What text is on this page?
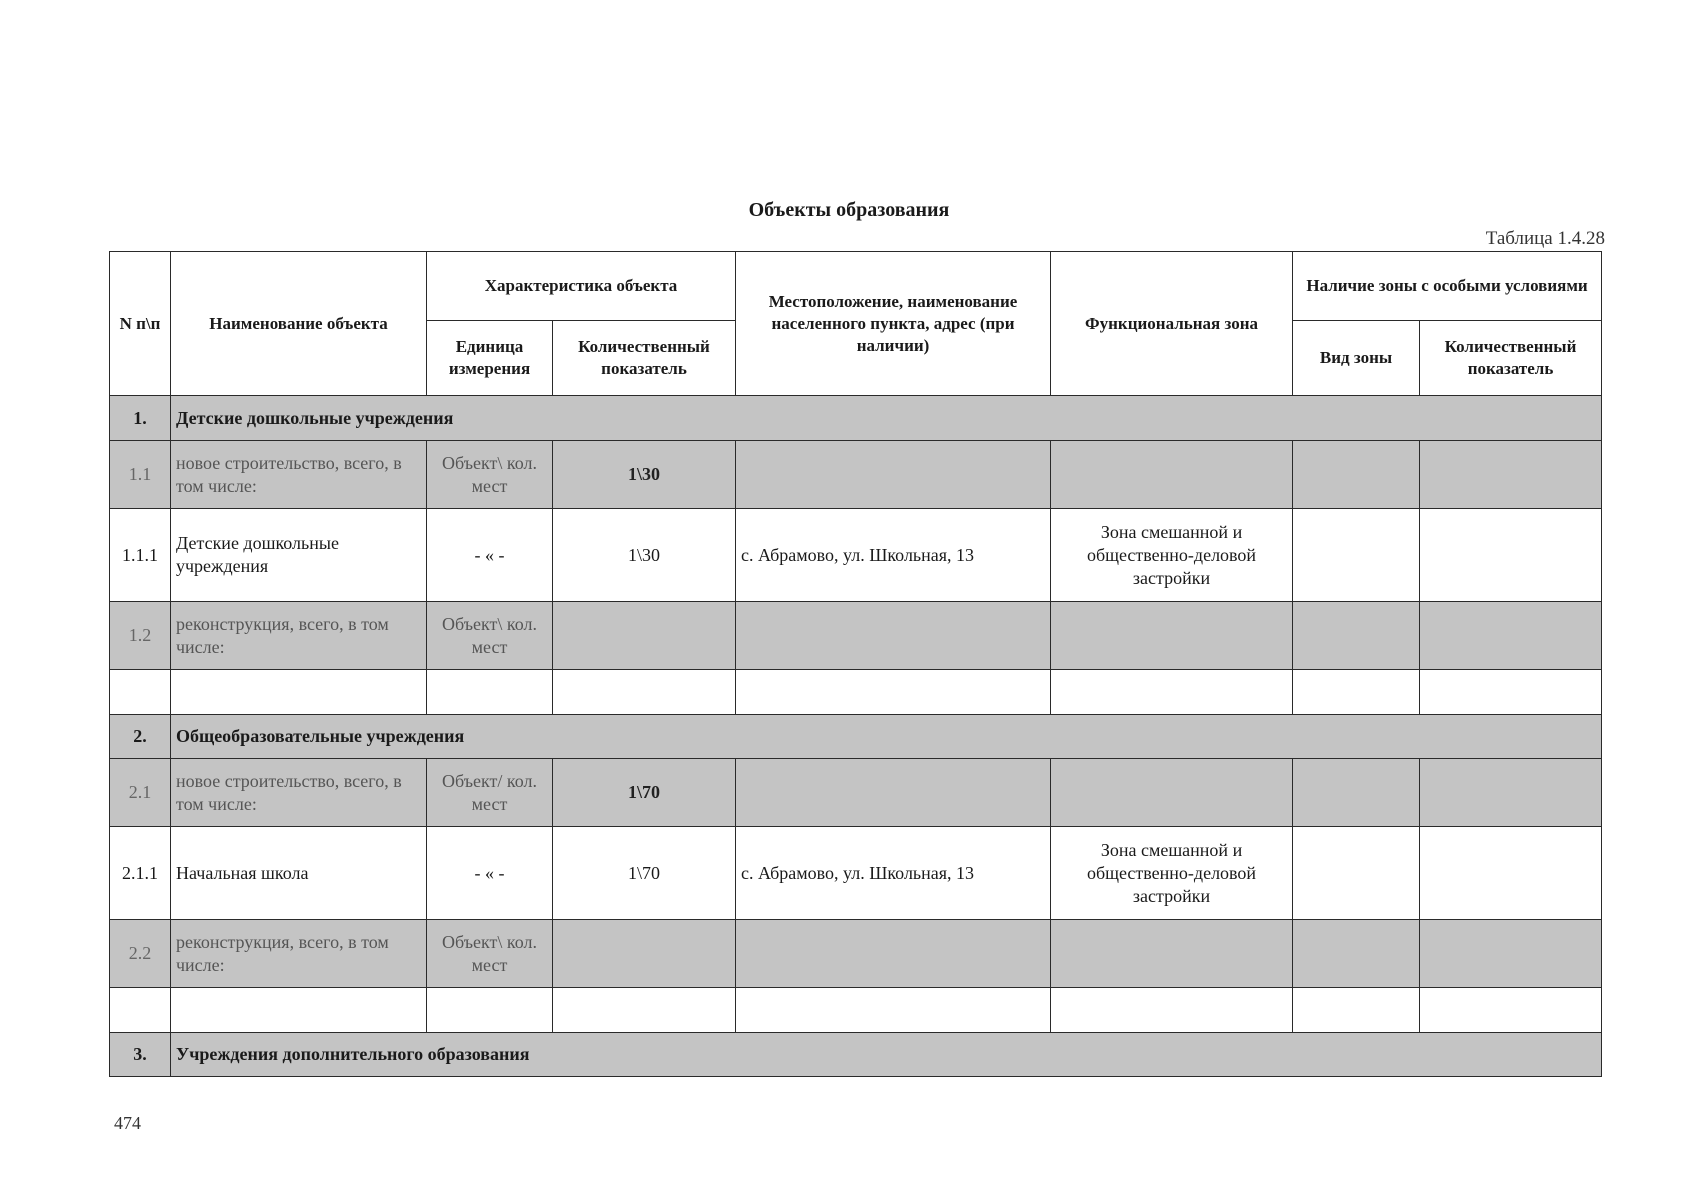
Объекты образования
Таблица 1.4.28
N п\п	Наименование объекта	Характеристика объекта		Местоположение, наименование населенного пункта, адрес (при наличии)	Функциональная зона	Наличие зоны с особыми условиями	
		Единица измерения	Количественный показатель			Вид зоны	Количественный показатель
1.	Детские дошкольные учреждения						
1.1	новое строительство, всего, в том числе:	Объект\ кол. мест	1\30				
1.1.1	Детские дошкольные учреждения	- « -	1\30	с. Абрамово, ул. Школьная, 13	Зона смешанной и общественно-деловой застройки		
1.2	реконструкция, всего, в том числе:	Объект\ кол. мест					

2.	Общеобразовательные учреждения						
2.1	новое строительство, всего, в том числе:	Объект/ кол. мест	1\70				
2.1.1	Начальная школа	- « -	1\70	с. Абрамово, ул. Школьная, 13	Зона смешанной и общественно-деловой застройки		
2.2	реконструкция, всего, в том числе:	Объект\ кол. мест					

3.	Учреждения дополнительного образования						
474
